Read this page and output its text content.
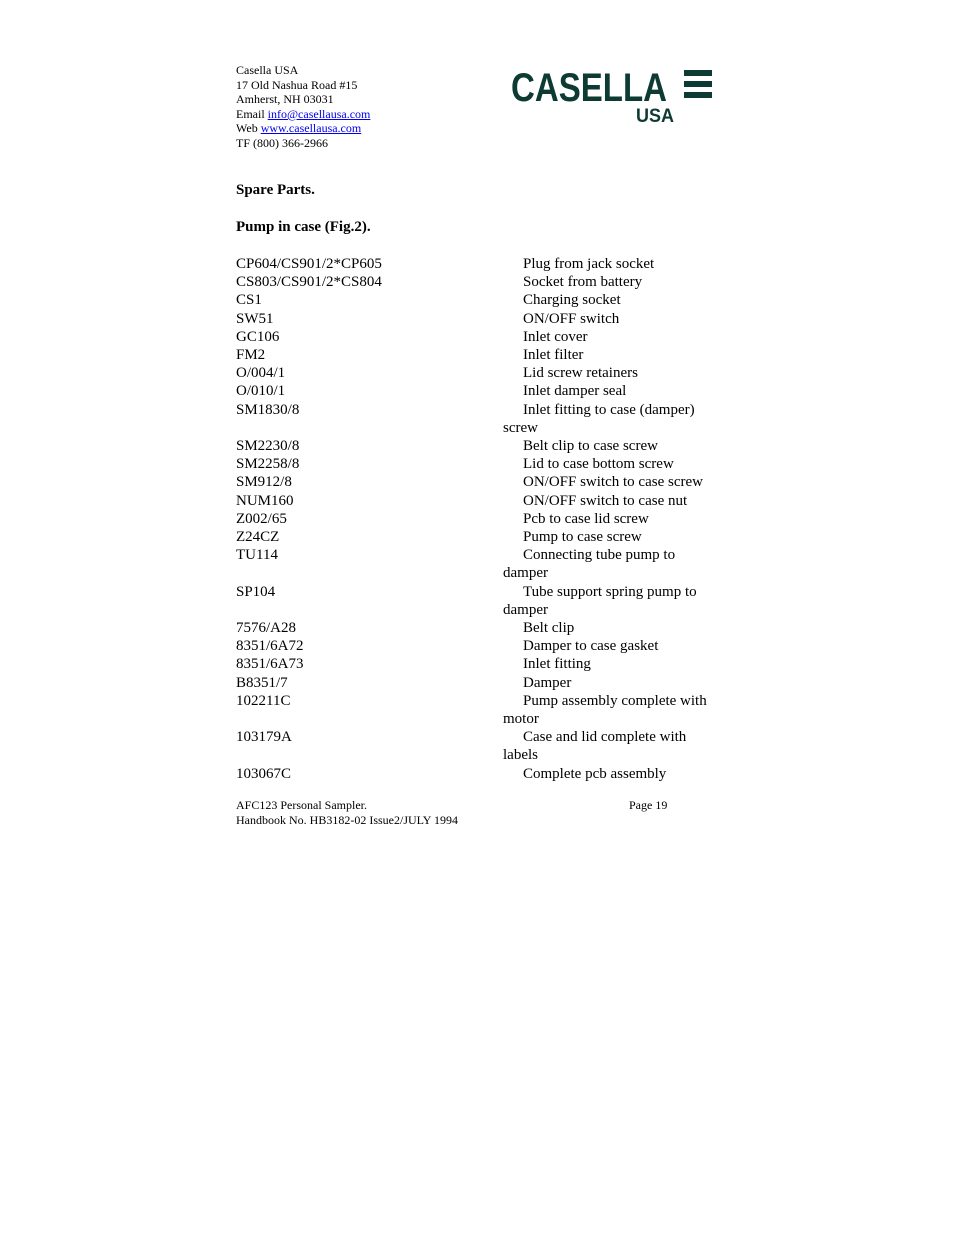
Casella USA
17 Old Nashua Road #15
Amherst, NH 03031
Email info@casellausa.com
Web www.casellausa.com
TF (800) 366-2966
CASELLA
USA
Spare Parts.
Pump in case (Fig.2).
CP604/CS901/2*CP605	Plug from jack socket
CS803/CS901/2*CS804	Socket from battery
CS1	Charging socket
SW51	ON/OFF switch
GC106	Inlet cover
FM2	Inlet filter
O/004/1	Lid screw retainers
O/010/1	Inlet damper seal
SM1830/8	Inlet fitting to case (damper) screw
SM2230/8	Belt clip to case screw
SM2258/8	Lid to case bottom screw
SM912/8	ON/OFF switch to case screw
NUM160	ON/OFF switch to case nut
Z002/65	Pcb to case lid screw
Z24CZ	Pump to case screw
TU114	Connecting tube pump to damper
SP104	Tube support spring pump to damper
7576/A28	Belt clip
8351/6A72	Damper to case gasket
8351/6A73	Inlet fitting
B8351/7	Damper
102211C	Pump assembly complete with motor
103179A	Case and lid complete with labels
103067C	Complete pcb assembly
AFC123 Personal Sampler.
Handbook No. HB3182-02 Issue2/JULY 1994
Page 19
